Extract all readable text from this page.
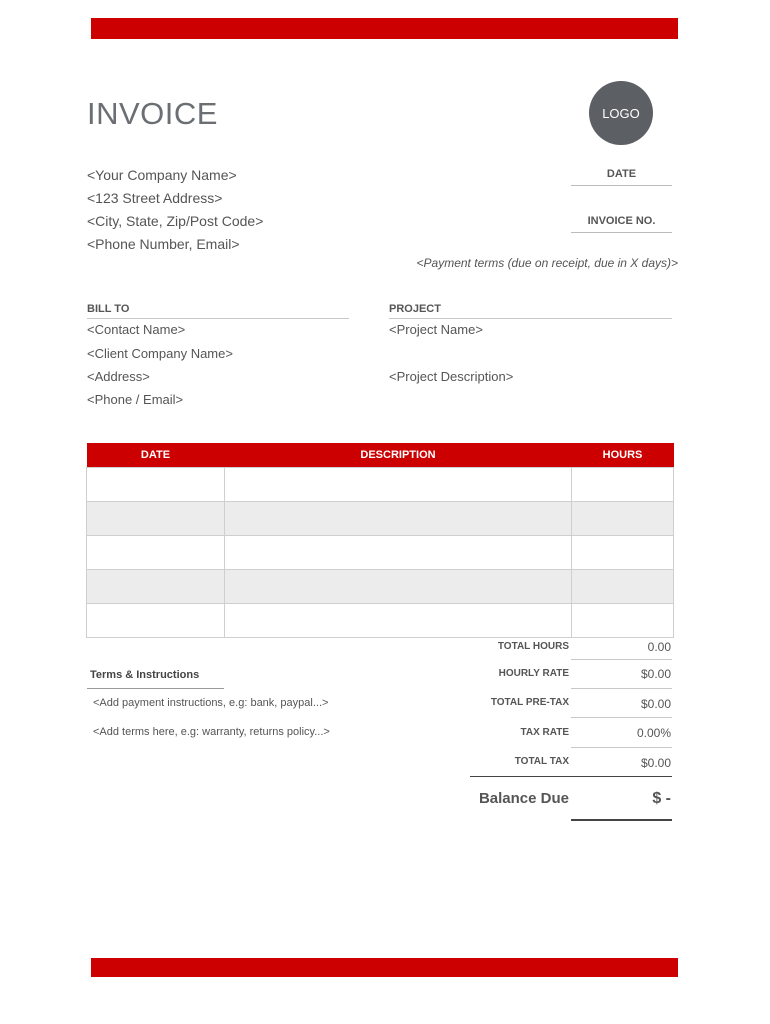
INVOICE	LOGO
<Your Company Name>
<123 Street Address>
<City, State, Zip/Post Code>
<Phone Number, Email>
DATE
INVOICE NO.
<Payment terms (due on receipt, due in X days)>
BILL TO
<Contact Name>
<Client Company Name>
<Address>
<Phone / Email>
PROJECT
<Project Name>
<Project Description>
DATE	DESCRIPTION	HOURS

Terms & Instructions
<Add payment instructions, e.g: bank, paypal...>
<Add terms here, e.g: warranty, returns policy...>
TOTAL HOURS	0.00
HOURLY RATE	$0.00
TOTAL PRE-TAX	$0.00
TAX RATE	0.00%
TOTAL TAX	$0.00
Balance Due	$ -
